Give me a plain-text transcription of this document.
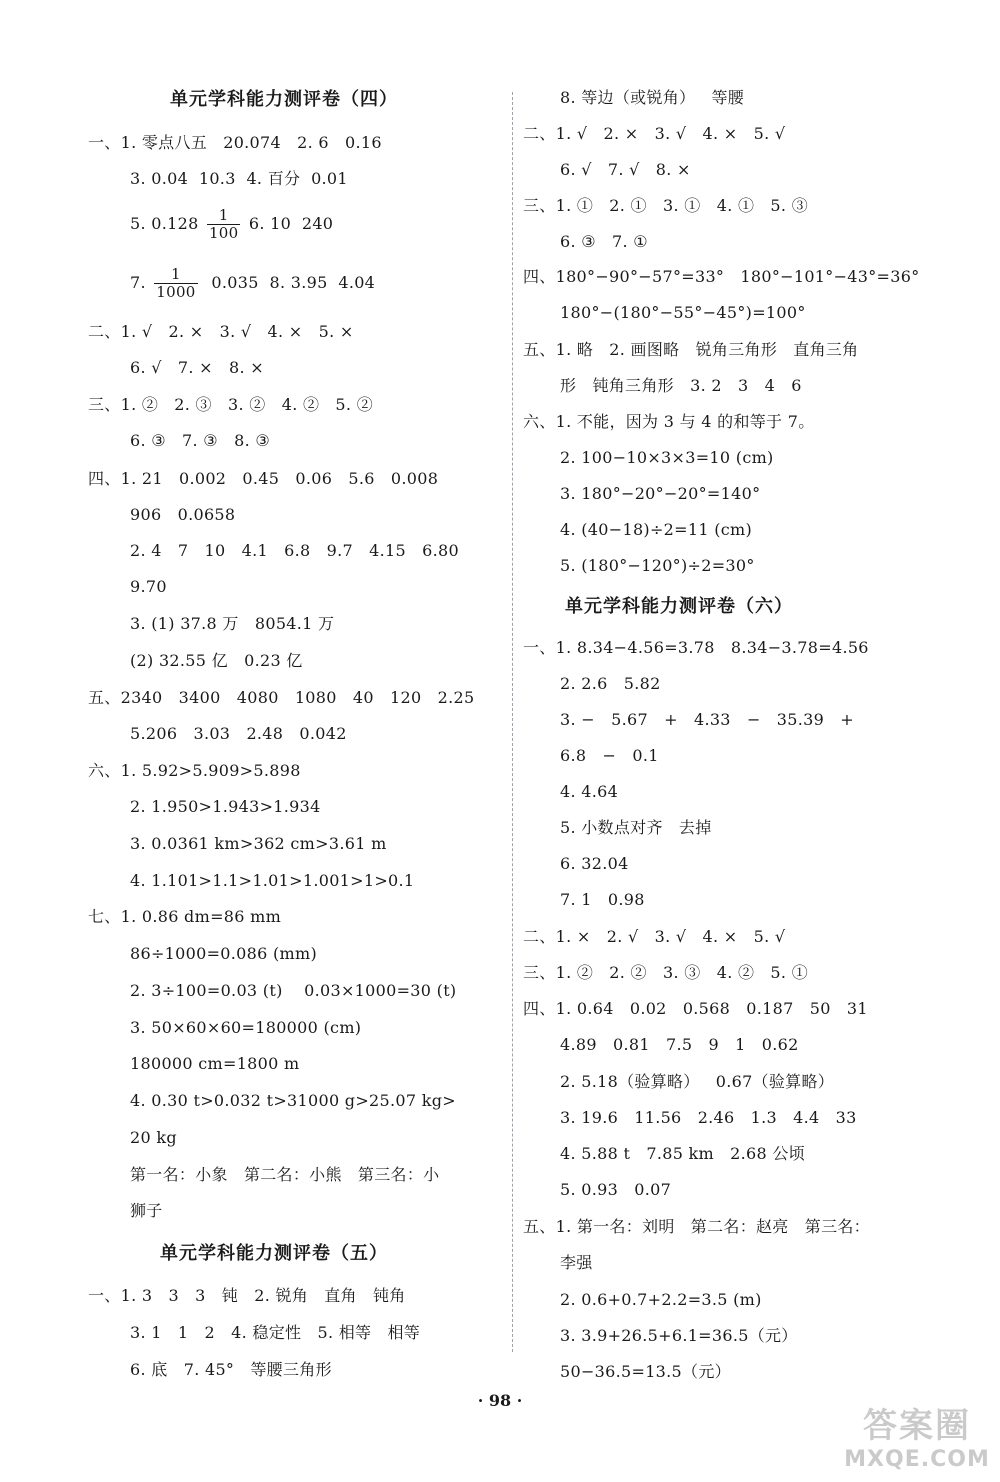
单元学科能力测评卷（四）
一、1. 零点八五   20.074   2. 6   0.16
3. 0.04  10.3  4. 百分  0.01
5. $0.128 \frac{1}{100} 6$. 10  240
7. $\frac{1}{1000} 0.035$  8. 3.95  4.04
二、1. √   2. ×   3. √   4. ×   5. ×
6. √   7. ×   8. ×
三、1. ②   2. ③   3. ②   4. ②   5. ②
6. ③   7. ③   8. ③
四、1. 21   0.002   0.45   0.06   5.6   0.008
906   0.0658
2. 4   7   10   4.1   6.8   9.7   4.15   6.80
9.70
3. (1) 37.8 万   8054.1 万
(2) 32.55 亿   0.23 亿
五、2340   3400   4080   1080   40   120   2.25
5.206   3.03   2.48   0.042
六、1. 5.92>5.909>5.898
2. 1.950>1.943>1.934
3. 0.0361 km>362 cm>3.61 m
4. 1.101>1.1>1.01>1.001>1>0.1
七、1. 0.86 dm=86 mm
86÷1000=0.086 (mm)
2. 3÷100=0.03 (t)    0.03×1000=30 (t)
3. 50×60×60=180000 (cm)
180000 cm=1800 m
4. 0.30 t>0.032 t>31000 g>25.07 kg>
20 kg
第一名：小象   第二名：小熊   第三名：小
狮子
单元学科能力测评卷（五）
一、1. 3   3   3   钝   2. 锐角   直角   钝角
3. 1   1   2   4. 稳定性   5. 相等   相等
6. 底   7. 45°   等腰三角形
8. 等边（或锐角）   等腰
二、1. √   2. ×   3. √   4. ×   5. √
6. √   7. √   8. ×
三、1. ①   2. ①   3. ①   4. ①   5. ③
6. ③   7. ①
四、180°−90°−57°=33°   180°−101°−43°=36°
180°−(180°−55°−45°)=100°
五、1. 略   2. 画图略   锐角三角形   直角三角
形   钝角三角形   3. 2   3   4   6
六、1. 不能，因为 3 与 4 的和等于 7。
2. 100−10×3×3=10 (cm)
3. 180°−20°−20°=140°
4. (40−18)÷2=11 (cm)
5. (180°−120°)÷2=30°
单元学科能力测评卷（六）
一、1. 8.34−4.56=3.78   8.34−3.78=4.56
2. 2.6   5.82
3. −   5.67   +   4.33   −   35.39   +
6.8   −   0.1
4. 4.64
5. 小数点对齐   去掉
6. 32.04
7. 1   0.98
二、1. ×   2. √   3. √   4. ×   5. √
三、1. ②   2. ②   3. ③   4. ②   5. ①
四、1. 0.64   0.02   0.568   0.187   50   31
4.89   0.81   7.5   9   1   0.62
2. 5.18（验算略）   0.67（验算略）
3. 19.6   11.56   2.46   1.3   4.4   33
4. 5.88 t   7.85 km   2.68 公顷
5. 0.93   0.07
五、1. 第一名：刘明   第二名：赵亮   第三名：
李强
2. 0.6+0.7+2.2=3.5 (m)
3. 3.9+26.5+6.1=36.5（元）
50−36.5=13.5（元）
· 98 ·
答案圈
MXQE.COM
